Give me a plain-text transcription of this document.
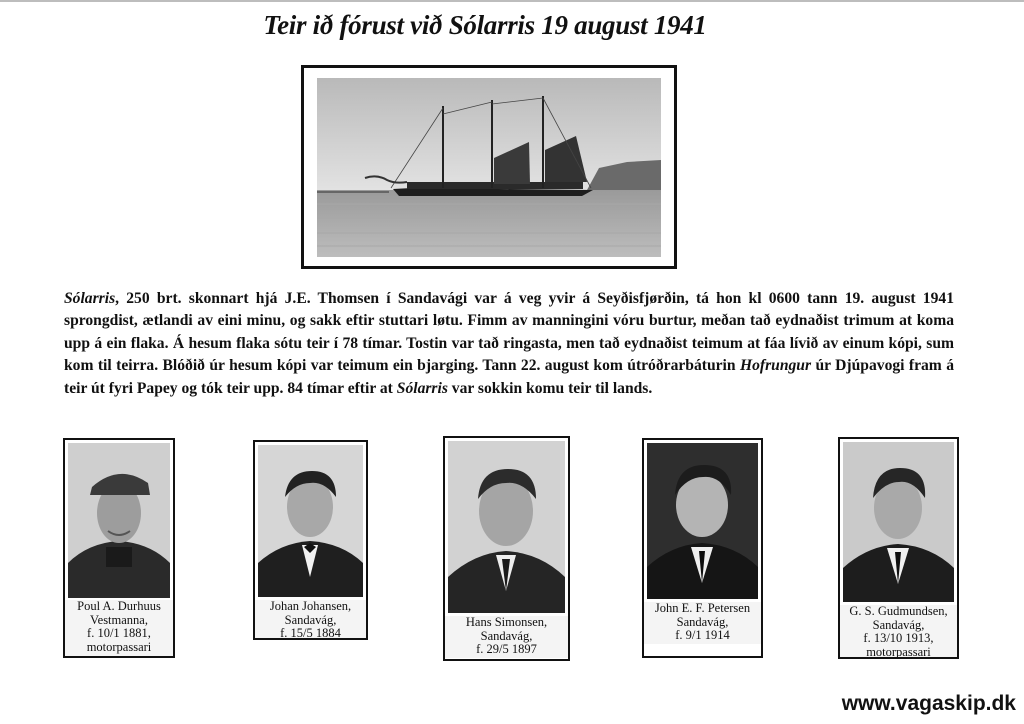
Teir ið fórust við Sólarris 19 august 1941
Sólarris, 250 brt. skonnart hjá J.E. Thomsen í Sandavági var á veg yvir á Seyðisfjørðin, tá hon kl 0600 tann 19. august 1941 sprongdist, ætlandi av eini minu, og sakk eftir stuttari løtu. Fimm av manningini vóru burtur, meðan tað eydnaðist trimum at koma upp á ein flaka. Á hesum flaka sótu teir í 78 tímar. Tostin var tað ringasta, men tað eydnaðist teimum at fáa lívið av einum kópi, sum kom til teirra. Blóðið úr hesum kópi var teimum ein bjarging. Tann 22. august kom útróðrarbáturin Hofrungur úr Djúpavogi fram á teir út fyri Papey og tók teir upp. 84 tímar eftir at Sólarris var sokkin komu teir til lands.
Poul A. Durhuus
Vestmanna,
f. 10/1 1881,
motorpassari
Johan Johansen,
Sandavág,
f. 15/5 1884
Hans Simonsen,
Sandavág,
f. 29/5 1897
John E. F. Petersen
Sandavág,
f. 9/1 1914
G. S. Gudmundsen,
Sandavág,
f. 13/10 1913,
motorpassari
www.vagaskip.dk
